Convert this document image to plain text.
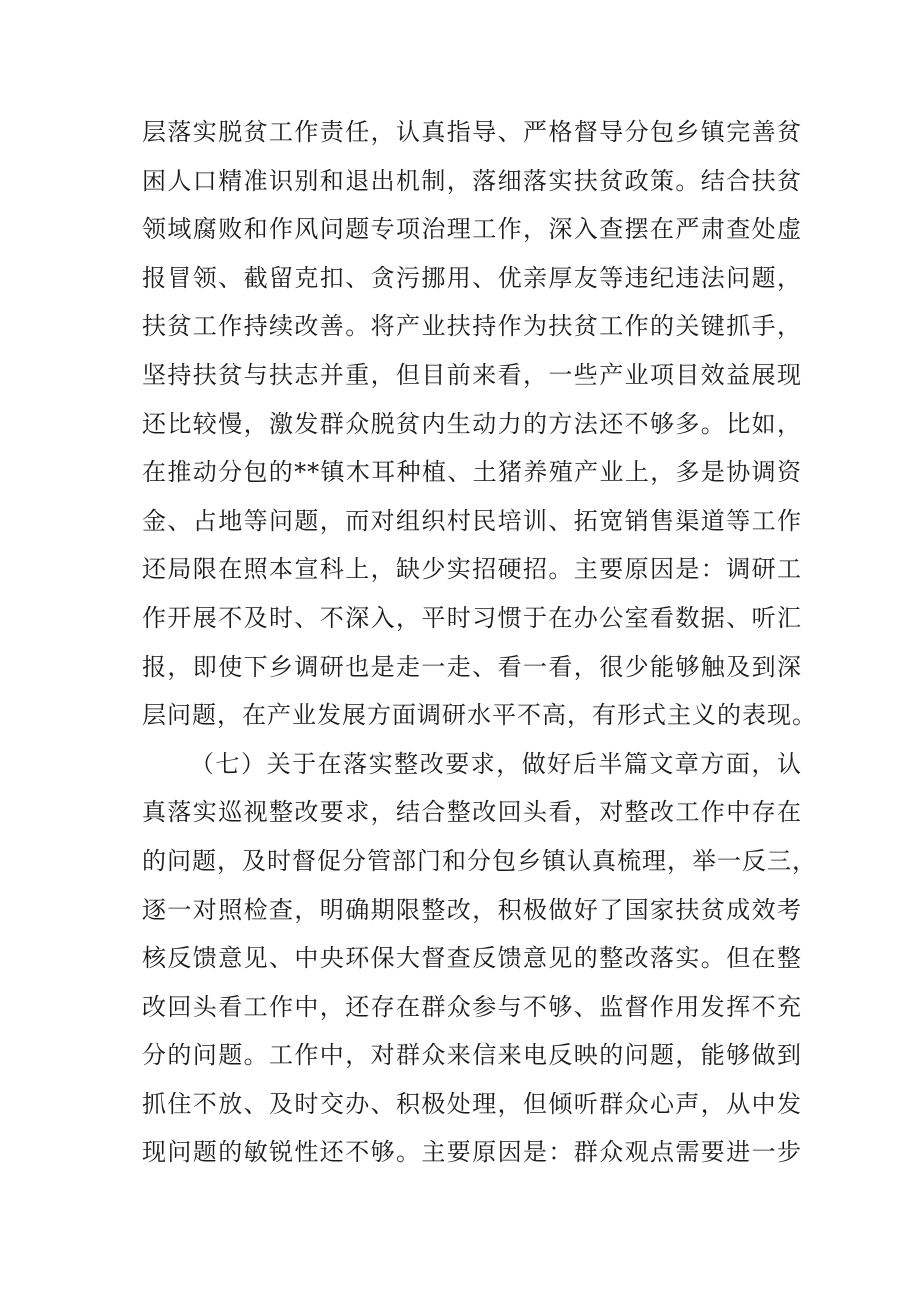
层落实脱贫工作责任，认真指导、严格督导分包乡镇完善贫
困人口精准识别和退出机制，落细落实扶贫政策。结合扶贫
领域腐败和作风问题专项治理工作，深入查摆在严肃查处虚
报冒领、截留克扣、贪污挪用、优亲厚友等违纪违法问题，
扶贫工作持续改善。将产业扶持作为扶贫工作的关键抓手，
坚持扶贫与扶志并重，但目前来看，一些产业项目效益展现
还比较慢，激发群众脱贫内生动力的方法还不够多。比如，
在推动分包的**镇木耳种植、土猪养殖产业上，多是协调资
金、占地等问题，而对组织村民培训、拓宽销售渠道等工作
还局限在照本宣科上，缺少实招硬招。主要原因是：调研工
作开展不及时、不深入，平时习惯于在办公室看数据、听汇
报，即使下乡调研也是走一走、看一看，很少能够触及到深
层问题，在产业发展方面调研水平不高，有形式主义的表现。
（七）关于在落实整改要求，做好后半篇文章方面，认
真落实巡视整改要求，结合整改回头看，对整改工作中存在
的问题，及时督促分管部门和分包乡镇认真梳理，举一反三，
逐一对照检查，明确期限整改，积极做好了国家扶贫成效考
核反馈意见、中央环保大督查反馈意见的整改落实。但在整
改回头看工作中，还存在群众参与不够、监督作用发挥不充
分的问题。工作中，对群众来信来电反映的问题，能够做到
抓住不放、及时交办、积极处理，但倾听群众心声，从中发
现问题的敏锐性还不够。主要原因是：群众观点需要进一步
